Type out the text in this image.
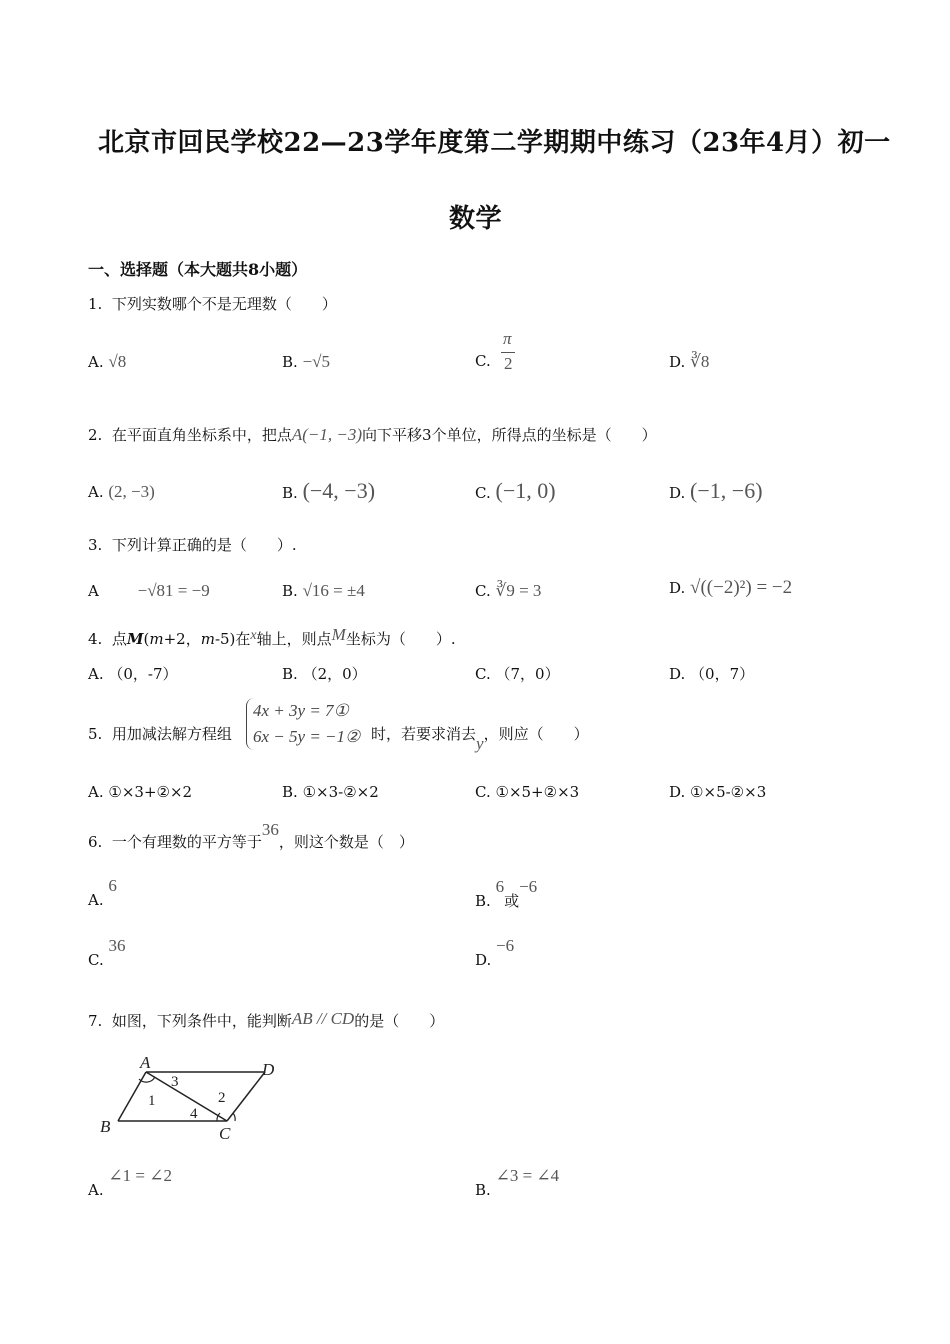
北京市回民学校22—23学年度第二学期期中练习（23年4月）初一
数学
一、选择题（本大题共8小题）
1. 下列实数哪个不是无理数（　　）
A. √8	B. −√5	C.
π
2	D. ∛8
2. 在平面直角坐标系中，把点A(−1, −3)向下平移3个单位，所得点的坐标是（　　）
A. (2, −3)	B. (−4, −3)	C. (−1, 0)	D. (−1, −6)
3. 下列计算正确的是（　　）.
A −√81 = −9	B. √16 = ±4	C. ∛9 = 3	D. √((−2)²) = −2
4. 点M(m+2，m-5)在x轴上，则点M坐标为（　　）.
A. （0，-7）	B. （2，0）	C. （7，0）	D. （0，7）
5. 用加减法解方程组
4x + 3y = 7①
6x − 5y = −1② 时，若要求消去y，则应（　　）
A. ①×3+②×2	B. ①×3-②×2	C. ①×5+②×3	D. ①×5-②×3
6. 一个有理数的平方等于36，则这个数是（　）
A. 6
B. 6或−6
C. 36
D. −6
7. 如图，下列条件中，能判断AB // CD的是（　　）
A
B	C
D
1	2
3
4
A. ∠1 = ∠2
B. ∠3 = ∠4
